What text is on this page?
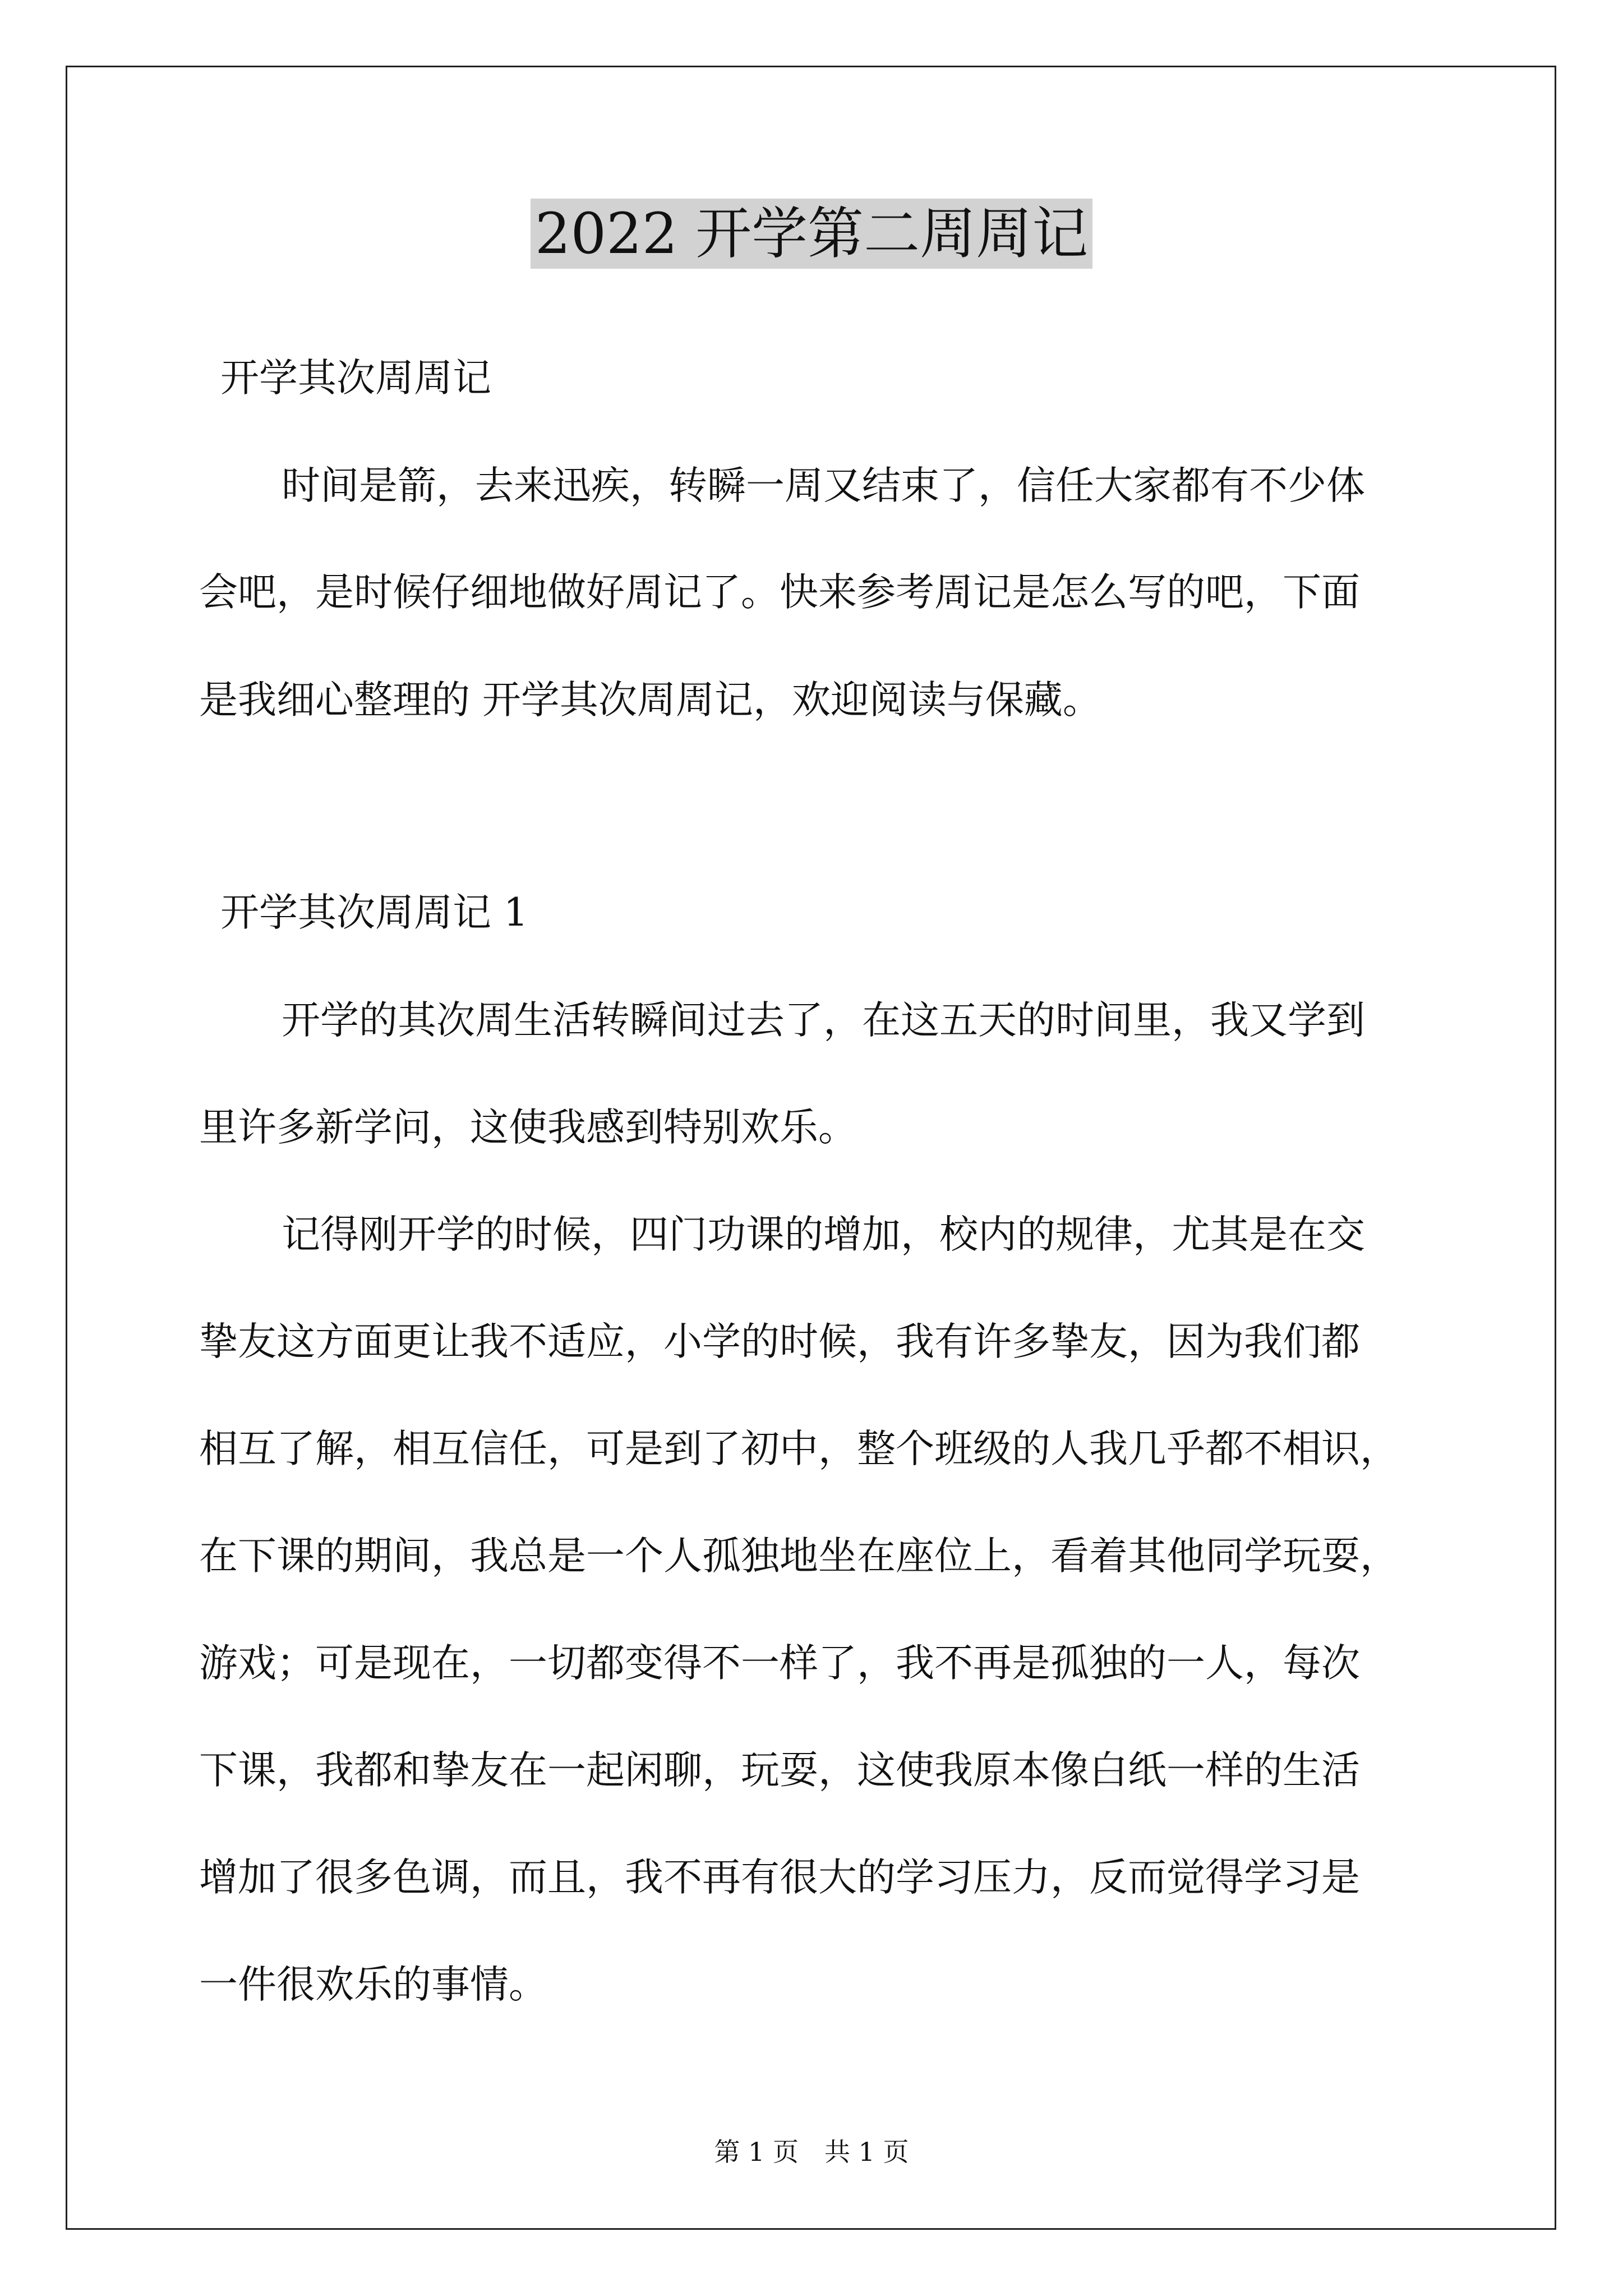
2022 开学第二周周记

开学其次周周记

时间是箭，去来迅疾，转瞬一周又结束了，信任大家都有不少体

会吧，是时候仔细地做好周记了。快来参考周记是怎么写的吧，下面

是我细心整理的 开学其次周周记，欢迎阅读与保藏。

开学其次周周记 1

开学的其次周生活转瞬间过去了，在这五天的时间里，我又学到

里许多新学问，这使我感到特别欢乐。

记得刚开学的时候，四门功课的增加，校内的规律，尤其是在交

挚友这方面更让我不适应，小学的时候，我有许多挚友，因为我们都

相互了解，相互信任，可是到了初中，整个班级的人我几乎都不相识，

在下课的期间，我总是一个人孤独地坐在座位上，看着其他同学玩耍，

游戏；可是现在，一切都变得不一样了，我不再是孤独的一人，每次

下课，我都和挚友在一起闲聊，玩耍，这使我原本像白纸一样的生活

增加了很多色调，而且，我不再有很大的学习压力，反而觉得学习是

一件很欢乐的事情。

第 1 页　共 1 页
